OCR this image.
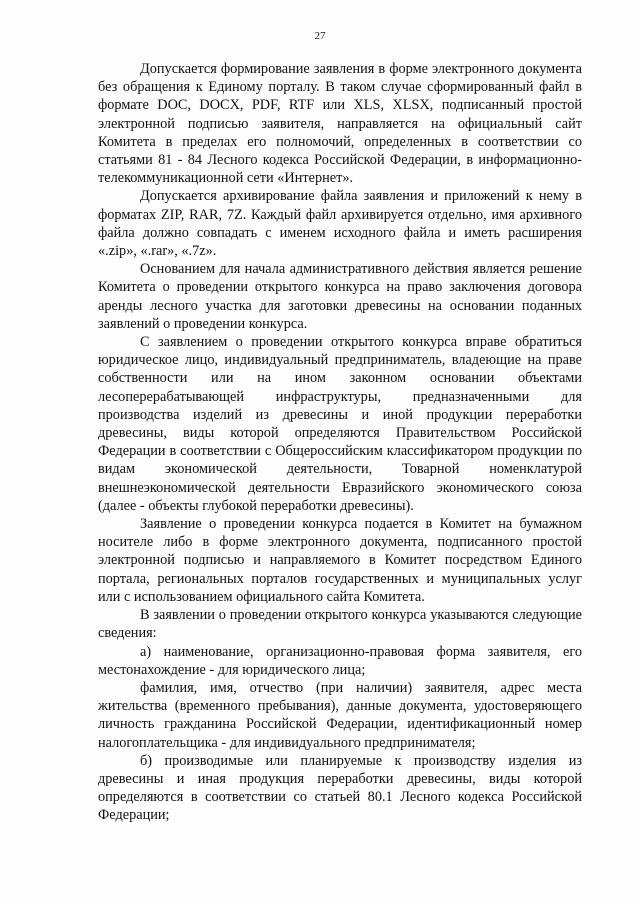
27

Допускается формирование заявления в форме электронного документа без обращения к Единому порталу. В таком случае сформированный файл в формате DOC, DOCX, PDF, RTF или XLS, XLSX, подписанный простой электронной подписью заявителя, направляется на официальный сайт Комитета в пределах его полномочий, определенных в соответствии со статьями 81 - 84 Лесного кодекса Российской Федерации, в информационно-телекоммуникационной сети «Интернет».

Допускается архивирование файла заявления и приложений к нему в форматах ZIP, RAR, 7Z. Каждый файл архивируется отдельно, имя архивного файла должно совпадать с именем исходного файла и иметь расширения «.zip», «.rar», «.7z».

Основанием для начала административного действия является решение Комитета о проведении открытого конкурса на право заключения договора аренды лесного участка для заготовки древесины на основании поданных заявлений о проведении конкурса.

С заявлением о проведении открытого конкурса вправе обратиться юридическое лицо, индивидуальный предприниматель, владеющие на праве собственности или на ином законном основании объектами лесоперерабатывающей инфраструктуры, предназначенными для производства изделий из древесины и иной продукции переработки древесины, виды которой определяются Правительством Российской Федерации в соответствии с Общероссийским классификатором продукции по видам экономической деятельности, Товарной номенклатурой внешнеэкономической деятельности Евразийского экономического союза (далее - объекты глубокой переработки древесины).

Заявление о проведении конкурса подается в Комитет на бумажном носителе либо в форме электронного документа, подписанного простой электронной подписью и направляемого в Комитет посредством Единого портала, региональных порталов государственных и муниципальных услуг или с использованием официального сайта Комитета.

В заявлении о проведении открытого конкурса указываются следующие сведения:

а) наименование, организационно-правовая форма заявителя, его местонахождение - для юридического лица;

фамилия, имя, отчество (при наличии) заявителя, адрес места жительства (временного пребывания), данные документа, удостоверяющего личность гражданина Российской Федерации, идентификационный номер налогоплательщика - для индивидуального предпринимателя;

б) производимые или планируемые к производству изделия из древесины и иная продукция переработки древесины, виды которой определяются в соответствии со статьей 80.1 Лесного кодекса Российской Федерации;
